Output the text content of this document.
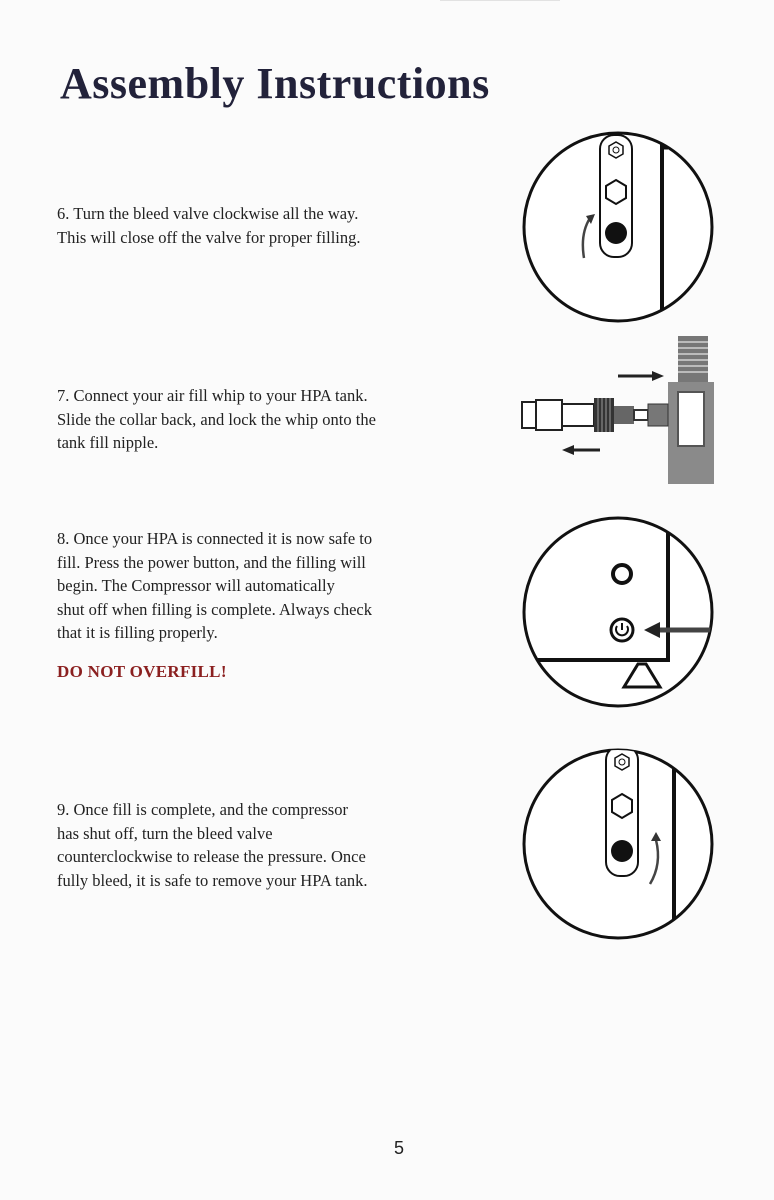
Assembly Instructions
6. Turn the bleed valve clockwise all the way.
This will close off the valve for proper filling.
7. Connect your air fill whip to your HPA tank.
Slide the collar back, and lock the whip onto the
tank fill nipple.
8. Once your HPA is connected it is now safe to
fill. Press the power button, and the filling will
begin. The Compressor will automatically
shut off when filling is complete. Always check
that it is filling properly.
DO NOT OVERFILL!
9. Once fill is complete, and the compressor
has shut off, turn the bleed valve
counterclockwise to release the pressure. Once
fully bleed, it is safe to remove your HPA tank.
5
